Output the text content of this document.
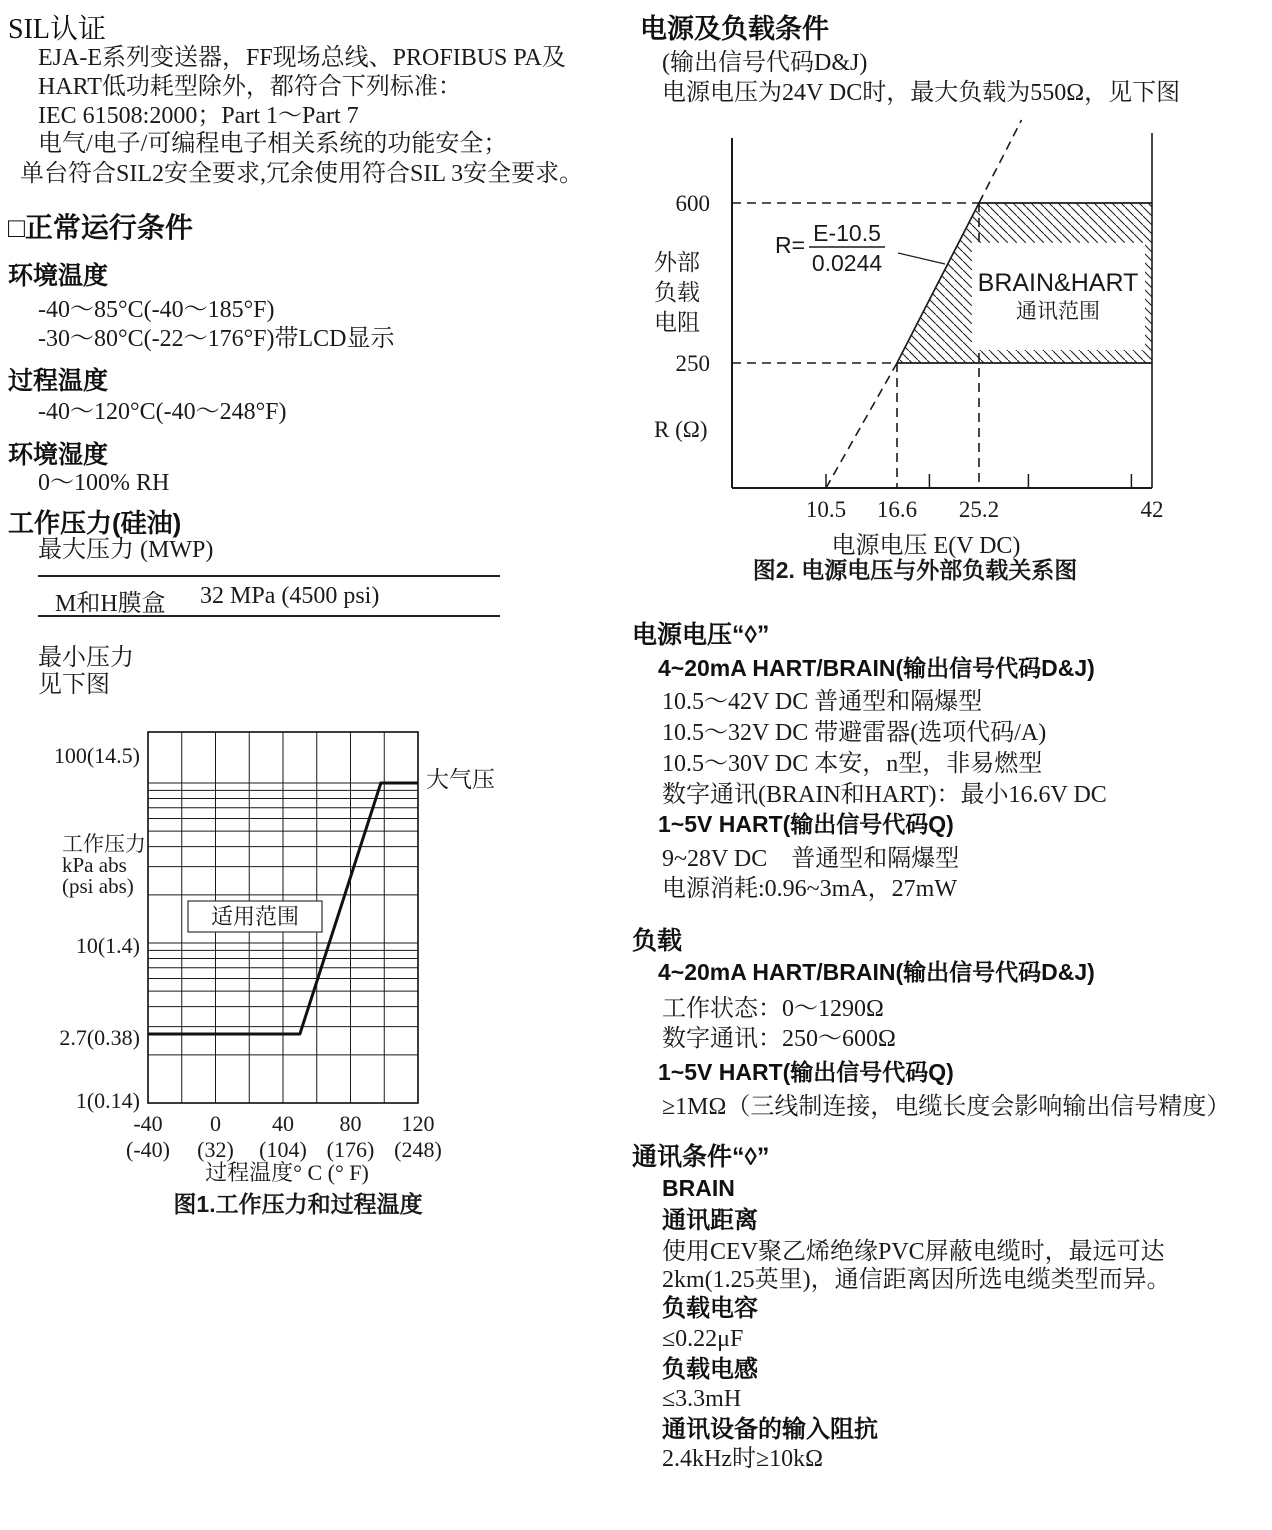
SIL认证
EJA-E系列变送器，FF现场总线、PROFIBUS PA及
HART低功耗型除外，都符合下列标准：
IEC 61508:2000；Part 1～Part 7
电气/电子/可编程电子相关系统的功能安全；
单台符合SIL2安全要求,冗余使用符合SIL 3安全要求。
□正常运行条件
环境温度
-40～85°C(-40～185°F)
-30～80°C(-22～176°F)带LCD显示
过程温度
-40～120°C(-40～248°F)
环境湿度
0～100% RH
工作压力(硅油)
最大压力 (MWP)
M和H膜盒 32 MPa (4500 psi)
最小压力
见下图
适用范围
大气压
100(14.5)
10(1.4)
2.7(0.38)
1(0.14)
工作压力
kPa abs
(psi abs)
-40
(-40)
0
(32)
40
(104)
80
(176)
120
(248)
过程温度° C (° F)
图1.工作压力和过程温度
电源及负载条件
(输出信号代码D&J)
电源电压为24V DC时，最大负载为550Ω，见下图
BRAIN&HART
通讯范围
600
250
10.5 16.6 25.2	42
外部
负载
电阻
R (Ω)
R= E-10.5
0.0244
电源电压 E(V DC)
图2. 电源电压与外部负载关系图
电源电压“◊”
4~20mA HART/BRAIN(输出信号代码D&J)
10.5～42V DC 普通型和隔爆型
10.5～32V DC 带避雷器(选项代码/A)
10.5～30V DC 本安，n型，非易燃型
数字通讯(BRAIN和HART)：最小16.6V DC
1~5V HART(输出信号代码Q)
9~28V DC　普通型和隔爆型
电源消耗:0.96~3mA，27mW
负载
4~20mA HART/BRAIN(输出信号代码D&J)
工作状态：0～1290Ω
数字通讯：250～600Ω
1~5V HART(输出信号代码Q)
≥1MΩ（三线制连接，电缆长度会影响输出信号精度）
通讯条件“◊”
BRAIN
通讯距离
使用CEV聚乙烯绝缘PVC屏蔽电缆时，最远可达
2km(1.25英里)，通信距离因所选电缆类型而异。
负载电容
≤0.22μF
负载电感
≤3.3mH
通讯设备的输入阻抗
2.4kHz时≥10kΩ
